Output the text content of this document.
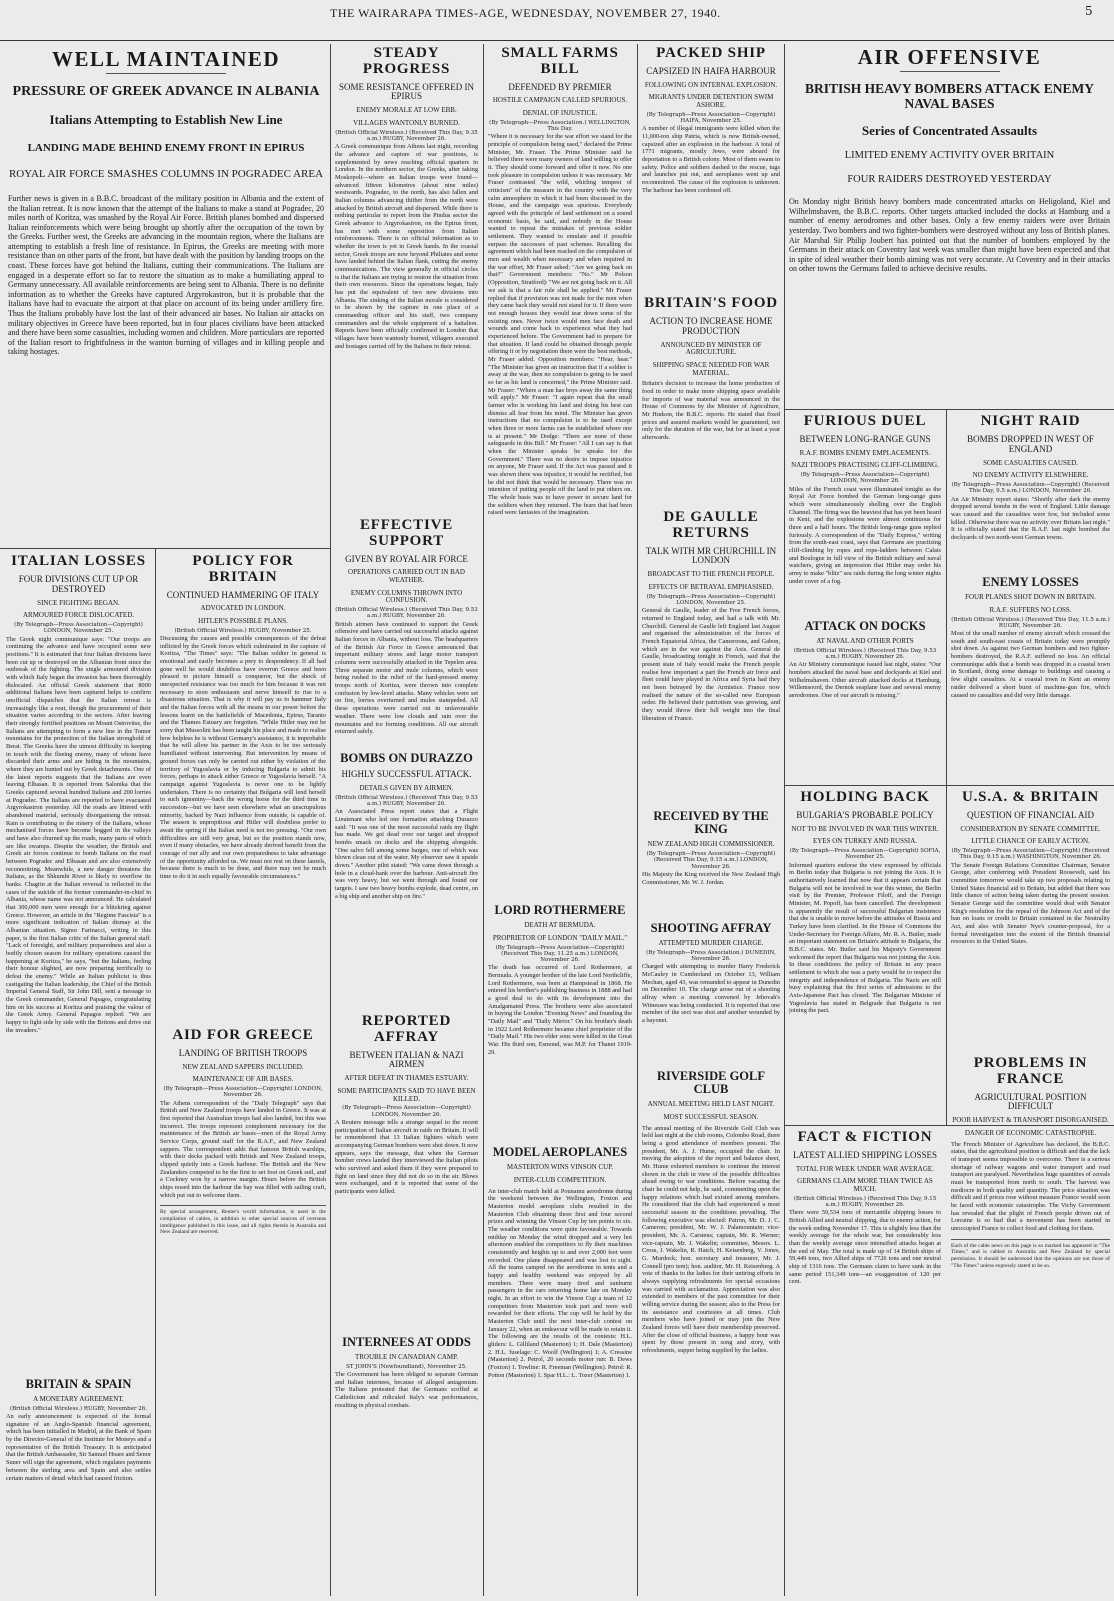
THE WAIRARAPA TIMES-AGE, WEDNESDAY, NOVEMBER 27, 1940.	5
WELL MAINTAINED
PRESSURE OF GREEK ADVANCE IN ALBANIA
Italians Attempting to Establish New Line
LANDING MADE BEHIND ENEMY FRONT IN EPIRUS
ROYAL AIR FORCE SMASHES COLUMNS IN POGRADEC AREA
Further news is given in a B.B.C. broadcast of the military position in Albania and the extent of the Italian retreat. It is now known that the attempt of the Italians to make a stand at Pogradec, 20 miles north of Koritza, was smashed by the Royal Air Force. British planes bombed and dispersed Italian reinforcements which were being brought up shortly after the occupation of the town by the Greeks. Further west, the Greeks are advancing in the mountain region, where the Italians are attempting to establish a fresh line of resistance. In Epirus, the Greeks are meeting with more resistance than on other parts of the front, but have dealt with the position by landing troops on the coast. These forces have got behind the Italians, cutting their communications. The Italians are engaged in a desperate effort so far to restore the situation as to make a humiliating appeal to Germany unnecessary. All available reinforcements are being sent to Albania. There is no definite information as to whether the Greeks have captured Argyrokastron, but it is probable that the Italians have had to evacuate the airport at that place on account of its being under artillery fire. Thus the Italians probably have lost the last of their advanced air bases. No Italian air attacks on military objectives in Greece have been reported, but in four places civilians have been attacked and there have been some casualties, including women and children. More particulars are reported of the Italian resort to frightfulness in the wanton burning of villages and in killing people and taking hostages.
STEADY PROGRESS
SOME RESISTANCE OFFERED IN EPIRUS
ENEMY MORALE AT LOW EBB.
VILLAGES WANTONLY BURNED.
(British Official Wireless.) (Received This Day, 9.35 a.m.) RUGBY, November 26.
A Greek communique from Athens last night, recording the advance and capture of war positions, is supplemented by news reaching official quarters in London. In the northern sector, the Greeks, after taking Moskopoli—where an Italian troops were found—advanced fifteen kilometres (about nine miles) westwards. Pogradec, to the north, has also fallen and Italian columns advancing thither from the north were attacked by British aircraft and dispersed. While there is nothing particular to report from the Pindus sector the Greek advance to Argyrokastron, on the Epirus front, has met with some opposition from Italian reinforcements. There is no official information as to whether the town is yet in Greek hands. In the coastal sector, Greek troops are now beyond Philiates and some have landed behind the Italian flank, cutting the enemy communications. The view generally in official circles is that the Italians are trying to restore the situation from their own resources. Since the operations began, Italy has put the equivalent of two new divisions into Albania. The sinking of the Italian morale is considered to be shown by the capture in one place of a commanding officer and his staff, two company commanders and the whole equipment of a battalion. Reports have been officially confirmed in London that villages have been wantonly burned, villagers executed and hostages carried off by the Italians in their retreat.
EFFECTIVE SUPPORT
GIVEN BY ROYAL AIR FORCE
OPERATIONS CARRIED OUT IN BAD WEATHER.
ENEMY COLUMNS THROWN INTO CONFUSION.
(British Official Wireless.) (Received This Day, 9.53 a.m.) RUGBY, November 26.
British airmen have continued to support the Greek offensive and have carried out successful attacks against Italian forces in Albania, without loss. The headquarters of the British Air Force in Greece announced that important military stores and large motor transport columns were successfully attacked in the Tepelen area. Three separate motor and mule columns, which were being rushed to the relief of the hard-pressed enemy troops north of Koritza, were thrown into complete confusion by low-level attacks. Many vehicles were set on fire, lorries overturned and mules stampeded. All these operations were carried out in unfavourable weather. There were low clouds and rain over the mountains and ice forming conditions. All our aircraft returned safely.
BOMBS ON DURAZZO
HIGHLY SUCCESSFUL ATTACK.
DETAILS GIVEN BY AIRMEN.
(British Official Wireless.) (Received This Day, 9.53 a.m.) RUGBY, November 26.
An Associated Press report states that a Flight Lieutenant who led one formation attacking Durazzo said: "It was one of the most successful raids my flight has made. We got dead over our target and dropped bombs smack on docks and the shipping alongside. "One salvo fell among some barges, one of which was blown clean out of the water. My observer saw it upside down." Another pilot stated: "We came down through a hole in a cloud-bank over the harbour. Anti-aircraft fire was very heavy, but we went through and found our targets. I saw two heavy bombs explode, dead centre, on a big ship and another ship on fire."
REPORTED AFFRAY
BETWEEN ITALIAN & NAZI AIRMEN
AFTER DEFEAT IN THAMES ESTUARY.
SOME PARTICIPANTS SAID TO HAVE BEEN KILLED.
(By Telegraph—Press Association—Copyright) LONDON, November 26.
A Reuters message tells a strange sequel to the recent participation of Italian aircraft in raids on Britain. It will be remembered that 13 Italian fighters which were accompanying German bombers were shot down. It now appears, says the message, that when the German bomber crews landed they interviewed the Italian pilots who survived and asked them if they were prepared to fight on land since they did not do so in the air. Blows were exchanged, and it is reported that some of the participants were killed.
INTERNEES AT ODDS
TROUBLE IN CANADIAN CAMP.
ST JOHN'S (Newfoundland), November 25.
The Government has been obliged to separate German and Italian internees, because of alleged antagonism. The Italians protested that the Germans scoffed at Catholicism and ridiculed Italy's war performances, resulting in physical combats.
SMALL FARMS BILL
DEFENDED BY PREMIER
HOSTILE CAMPAIGN CALLED SPURIOUS.
DENIAL OF INJUSTICE.
(By Telegraph—Press Association.) WELLINGTON, This Day.
"Where it is necessary for the war effort we stand for the principle of compulsion being used," declared the Prime Minister, Mr. Fraser. The Prime Minister said he believed there were many owners of land willing to offer it. They should come forward and offer it now. No one took pleasure in compulsion unless it was necessary. Mr Fraser contrasted "the wild, whirling tempest of criticism" of the measure in the country with the very calm atmosphere in which it had been discussed in the House, and the campaign was spurious. Everybody agreed with the principle of land settlement on a sound economic basis, he said, and nobody in the House wanted to repeat the mistakes of previous soldier settlement. They wanted to emulate and if possible surpass the successes of past schemes. Recalling the agreement which had been reached on the compulsion of men and wealth when necessary and when required in the war effort, Mr Fraser asked: "Are we going back on that?" Government members: "No." Mr Polson (Opposition, Stratford): "We are not going back on it. All we ask is that a fair rule shall be applied." Mr Fraser replied that if provision was not made for the men when they came back they would not stand for it. If there were not enough houses they would tear down some of the existing ones. Never twice would men face death and wounds and come back to experience what they had experienced before. The Government had to prepare for that situation. If land could be obtained through people offering it or by negotiation there were the best methods, Mr Fraser added. Opposition members: "Hear, hear." "The Minister has given an instruction that if a soldier is away at the war, then no compulsion is going to be used so far as his land is concerned," the Prime Minister said. Mr Fraser: "Where a man has boys away the same thing will apply." Mr Fraser: "I again repeat that the small farmer who is working his land and doing his best can dismiss all fear from his mind. The Minister has given instructions that no compulsion is to be used except when three or more farms can be established where one is at present." Mr Dodge: "There are none of these safeguards in this Bill." Mr Fraser: "All I can say is that when the Minister speaks he speaks for the Government." There was no desire to impose injustice on anyone, Mr Fraser said. If the Act was passed and it was shown there was injustice, it would be rectified, but he did not think that would be necessary. There was no intention of putting people off the land to put others on. The whole basis was to have power to secure land for the soldiers when they returned. The fears that had been raised were fantasies of the imagination.
LORD ROTHERMERE
DEATH AT BERMUDA.
PROPRIETOR OF LONDON "DAILY MAIL."
(By Telegraph—Press Association—Copyright) (Received This Day, 11.25 a.m.) LONDON, November 26.
The death has occurred of Lord Rothermere, at Bermuda. A younger brother of the late Lord Northcliffe, Lord Rothermere, was born at Hampstead in 1868. He entered his brother's publishing business in 1888 and had a good deal to do with its development into the Amalgamated Press. The brothers were also associated in buying the London "Evening News" and founding the "Daily Mail" and "Daily Mirror." On his brother's death in 1922 Lord Rothermere became chief proprietor of the "Daily Mail." His two elder sons were killed in the Great War. His third son, Esmond, was M.P. for Thanet 1919-29.
MODEL AEROPLANES
MASTERTON WINS VINSON CUP.
INTER-CLUB COMPETITION.
An inter-club match held at Pounamu aerodrome during the weekend between the Wellington, Foxton and Masterton model aeroplane clubs resulted in the Masterton Club obtaining three first and four second prizes and winning the Vinson Cup by ten points to six. The weather conditions were quite favourable. Towards midday on Monday the wind dropped and a very hot afternoon enabled the competitors to fly their machines consistently and heights up to and over 2,000 feet were recorded. One plane disappeared and was lost to sight. All the teams camped on the aerodrome in tents and a happy and healthy weekend was enjoyed by all members. There were many tired and sunburnt passengers in the cars returning home late on Monday night. In an effort to win the Vinson Cup a team of 12 competitors from Masterton took part and were well rewarded for their efforts. The cup will be held by the Masterton Club until the next inter-club contest on January 22, when an endeavour will be made to retain it. The following are the results of the contests: H.L. gliders: L. Gilliland (Masterton) 1; H. Dale (Masterton) 2. H.L. fuselage: C. Woolf (Wellington) 1; A. Cressine (Masterton) 2. Petrol, 20 seconds motor run: B. Dews (Foxton) 1. Towline: R. Freeman (Wellington). Petrol: R. Potton (Masterton) 1. Spar H.L.: L. Tozer (Masterton) 1.
PACKED SHIP
CAPSIZED IN HAIFA HARBOUR
FOLLOWING ON INTERNAL EXPLOSION.
MIGRANTS UNDER DETENTION SWIM ASHORE.
(By Telegraph—Press Association—Copyright) HAIFA, November 25.
A number of illegal immigrants were killed when the 11,000-ton ship Patria, which is now British-owned, capsized after an explosion in the harbour. A total of 1771 migrants, mostly Jews, were aboard for deportation to a British colony. Most of them swam to safety. Police and soldiers dashed to the rescue, tugs and launches put out, and aeroplanes went up and reconnoitred. The cause of the explosion is unknown. The harbour has been cordoned off.
BRITAIN'S FOOD
ACTION TO INCREASE HOME PRODUCTION
ANNOUNCED BY MINISTER OF AGRICULTURE.
SHIPPING SPACE NEEDED FOR WAR MATERIAL.
Britain's decision to increase the home production of food in order to make more shipping space available for imports of war material was announced in the House of Commons by the Minister of Agriculture, Mr Hudson, the B.B.C. reports. He stated that fixed prices and assured markets would be guaranteed, not only for the duration of the war, but for at least a year afterwards.
DE GAULLE RETURNS
TALK WITH MR CHURCHILL IN LONDON
BROADCAST TO THE FRENCH PEOPLE.
EFFECTS OF BETRAYAL EMPHASISED.
(By Telegraph—Press Association—Copyright) LONDON, November 25.
General de Gaulle, leader of the Free French forces, returned to England today, and had a talk with Mr. Churchill. General de Gaulle left England last August and organised the administration of the forces of French Equatorial Africa, the Cameroons, and Gabon, which are in the war against the Axis. General de Gaulle, broadcasting tonight in French, said that the present state of Italy would make the French people realise how important a part the French air force and fleet could have played in Africa and Syria had they not been betrayed by the Armistice. France now realised the nature of the so-called new European order. He believed their patriotism was growing, and they would throw their full weight into the final liberation of France.
RECEIVED BY THE KING
NEW ZEALAND HIGH COMMISSIONER.
(By Telegraph—Press Association—Copyright) (Received This Day, 9.15 a.m.) LONDON, November 26.
His Majesty the King received the New Zealand High Commissioner, Mr. W. J. Jordan.
SHOOTING AFFRAY
ATTEMPTED MURDER CHARGE.
(By Telegraph—Press Association.) DUNEDIN, November 26.
Charged with attempting to murder Harry Frederick McCauley in Cumberland on October 13, William Mechan, aged 43, was remanded to appear in Dunedin on December 10. The charge arose out of a shooting affray when a meeting convened by Jehovah's Witnesses was being conducted. It is reported that one member of the sect was shot and another wounded by a bayonet.
RIVERSIDE GOLF CLUB
ANNUAL MEETING HELD LAST NIGHT.
MOST SUCCESSFUL SEASON.
The annual meeting of the Riverside Golf Club was held last night at the club rooms, Colombo Road, there being a good attendance of members present. The president, Mr. A. J. Hume, occupied the chair. In moving the adoption of the report and balance sheet, Mr. Hume exhorted members to continue the interest shown in the club in view of the possible difficulties ahead owing to war conditions. Before vacating the chair he could not help, he said, commenting upon the happy relations which had existed among members. He considered that the club had experienced a most successful season in the conditions prevailing. The following executive was elected: Patron, Mr. D. J. C. Cameron; president, Mr. W. J. Palamountain; vice-president, Mr. A. Carstens; captain, Mr. R. Werner; vice-captain, Mr. J. Wakelin; committee, Messrs. L. Cross, J. Wakelin, R. Hatch, H. Keisenberg, V. Jones, G. Murdock; hon. secretary and treasurer, Mr. J. Connell (pro tem); hon. auditor, Mr. H. Keisenberg. A vote of thanks to the ladies for their untiring efforts in always supplying refreshments for special occasions was carried with acclamation. Appreciation was also extended to members of the past committee for their willing service during the season; also to the Press for its assistance and courtesies at all times. Club members who have joined or may join the New Zealand forces will have their membership preserved. After the close of official business, a happy hour was spent by those present in song and story, with refreshments, supper being supplied by the ladies.
ITALIAN LOSSES
FOUR DIVISIONS CUT UP OR DESTROYED
SINCE FIGHTING BEGAN.
ARMOURED FORCE DISLOCATED.
(By Telegraph—Press Association—Copyright) LONDON, November 25.
The Greek night communique says: "Our troops are continuing the advance and have occupied some new positions." It is estimated that four Italian divisions have been cut up or destroyed on the Albanian front since the outbreak of the fighting. The single armoured division with which Italy began the invasion has been thoroughly dislocated. An official Greek statement that 8000 additional Italians have been captured helps to confirm unofficial dispatches that the Italian retreat is increasingly like a rout, though the procurement of their situation varies according to the sectors. After leaving their strongly fortified positions on Mount Ostrovitse, the Italians are attempting to form a new line in the Tomor mountains for the protection of the Italian stronghold of Berat. The Greeks have the utmost difficulty in keeping in touch with the fleeing enemy, many of whom have discarded their arms and are hiding in the mountains, where they are hunted out by Greek detachments. One of the latest reports suggests that the Italians are even leaving Elbasan. It is reported from Salonika that the Greeks captured several hundred Italians and 200 lorries at Pogradec. The Italians are reported to have evacuated Argyrokastron yesterday. All the roads are littered with abandoned material, seriously disorganising the retreat. Rain is contributing to the misery of the Italians, whose mechanised forces have become bogged in the valleys and have also churned up the roads, many parts of which are like swamps. Despite the weather, the British and Greek air forces continue to bomb Italians on the road between Pogradec and Elbasan and are also extensively reconnoitring. Meanwhile, a new danger threatens the Italians, as the Shkumbi River is likely to overflow its banks. Chagrin at the Italian reversal is reflected in the cases of the suicide of the former commander-in-chief in Albania, whose name was not announced. He calculated that 300,000 men were enough for a blitzkrieg against Greece. However, an article in the "Regime Fascista" is a more significant indication of Italian dismay at the Albanian situation. Signor Farinacci, writing in this paper, is the first Italian critic of the Italian general staff. "Lack of foresight, and military preparedness and also a bodily chosen season for military operations caused the happening at Koritza," he says, "but the Italians, feeling their honour slighted, are now preparing terrifically to defeat the enemy." While an Italian publicist is thus castigating the Italian leadership, the Chief of the British Imperial General Staff, Sir John Dill, sent a message to the Greek commander, General Papagos, congratulating him on his success at Koritza and praising the valour of the Greek Army. General Papagos replied: "We are happy to fight side by side with the Britons and drive out the invaders."
BRITAIN & SPAIN
A MONETARY AGREEMENT.
(British Official Wireless.) RUGBY, November 26.
An early announcement is expected of the formal signature of an Anglo-Spanish financial agreement, which has been initialled in Madrid, at the Bank of Spain by the Director-General of the Institute for Moneys and a representative of the British Treasury. It is anticipated that the British Ambassador, Sir Samuel Hoare and Senor Suner will sign the agreement, which regulates payments between the sterling area and Spain and also settles certain matters of detail which had caused friction.
POLICY FOR BRITAIN
CONTINUED HAMMERING OF ITALY
ADVOCATED IN LONDON.
HITLER'S POSSIBLE PLANS.
(British Official Wireless.) RUGBY, November 25.
Discussing the causes and possible consequences of the defeat inflicted by the Greek forces which culminated in the capture of Koritza, "The Times" says: "The Italian soldier in general is emotional and easily becomes a prey to despondency. If all had gone well he would doubtless have overrun Greece and been pleased to picture himself a conqueror, but the shock of unexpected resistance was too much for him because it was not necessary to store enthusiasm and nerve himself to rise to a disastrous situation. That is why it will pay us to hammer Italy and the Italian forces with all the means in our power before the lessons learnt on the battlefields of Macedonia, Epirus, Taranto and the Thames Estuary are forgotten. "While Hitler may not be sorry that Mussolini has been taught his place and made to realise how helpless he is without Germany's assistance, it is improbable that he will allow his partner in the Axis to be too seriously humiliated without intervening. But intervention by means of ground forces can only be carried out either by violation of the territory of Yugoslavia or by inducing Bulgaria to admit his forces, perhaps to attack either Greece or Yugoslavia herself. "A campaign against Yugoslavia is never one to be lightly undertaken. There is no certainty that Bulgaria will lend herself to such ignominy—back the wrong horse for the third time in succession—but we have seen elsewhere what an unscrupulous minority, backed by Nazi influence from outside, is capable of. The season is unpropitious and Hitler will doubtless prefer to await the spring if the Italian need is not too pressing. "Our own difficulties are still very great, but so the position stands now, even if many obstacles, we have already derived benefit from the courage of our ally and our own preparedness to take advantage of the opportunity afforded us. We must not rest on these laurels, because there is much to be done, and there may not be much time to do it in such equally favourable circumstances."
AID FOR GREECE
LANDING OF BRITISH TROOPS
NEW ZEALAND SAPPERS INCLUDED.
MAINTENANCE OF AIR BASES.
(By Telegraph—Press Association—Copyright) LONDON, November 26.
The Athens correspondent of the "Daily Telegraph" says that British and New Zealand troops have landed in Greece. It was at first reported that Australian troops had also landed, but this was incorrect. The troops represent complement necessary for the maintenance of the British air bases—men of the Royal Army Service Corps, ground staff for the R.A.F., and New Zealand sappers. The correspondent adds that famous British warships, with their decks packed with British and New Zealand troops, slipped quietly into a Greek harbour. The British and the New Zealanders competed to be the first to set foot on Greek soil, and a Cockney won by a narrow margin. Hours before the British ships nosed into the harbour the bay was filled with sailing craft, which put out to welcome them.
By special arrangement, Reuter's world information, is used in the compilation of cables, in addition to other special sources of overseas intelligence published in this issue, and all rights therein in Australia and New Zealand are reserved.
AIR OFFENSIVE
BRITISH HEAVY BOMBERS ATTACK ENEMY NAVAL BASES
Series of Concentrated Assaults
LIMITED ENEMY ACTIVITY OVER BRITAIN
FOUR RAIDERS DESTROYED YESTERDAY
On Monday night British heavy bombers made concentrated attacks on Heligoland, Kiel and Wilhelmshaven, the B.B.C. reports. Other targets attacked included the docks at Hamburg and a number of enemy aerodromes and other bases. Only a few enemy raiders were over Britain yesterday. Two bombers and two fighter-bombers were destroyed without any loss of British planes. Air Marshal Sir Philip Joubert has pointed out that the number of bombers employed by the Germans in their attack on Coventry last week was smaller than might have been expected and that in spite of ideal weather their bomb aiming was not very accurate. At Coventry and in their attacks on other towns the Germans failed to achieve decisive results.
FURIOUS DUEL
BETWEEN LONG-RANGE GUNS
R.A.F. BOMBS ENEMY EMPLACEMENTS.
NAZI TROOPS PRACTISING CLIFF-CLIMBING.
(By Telegraph—Press Association—Copyright) LONDON, November 26.
Miles of the French coast were illuminated tonight as the Royal Air Force bombed the German long-range guns which were simultaneously shelling over the English Channel. The firing was the heaviest that has yet been heard in Kent, and the explosions were almost continuous for three and a half hours. The British long-range guns replied furiously. A correspondent of the "Daily Express," writing from the south-east coast, says that Germans are practising cliff-climbing by ropes and rope-ladders between Calais and Boulogne in full view of the British military and naval watchers, giving an impression that Hitler may order his army to make "blitz" sea raids during the long winter nights under cover of a fog.
ATTACK ON DOCKS
AT NAVAL AND OTHER PORTS
(British Official Wireless.) (Received This Day, 9.53 a.m.) RUGBY, November 26.
An Air Ministry communique issued last night, states: "Our bombers attacked the naval base and dockyards at Kiel and Wilhelmshaven. Other aircraft attacked docks at Hamburg, Willemsoord, the Dernok seaplane base and several enemy aerodromes. One of our aircraft is missing."
NIGHT RAID
BOMBS DROPPED IN WEST OF ENGLAND
SOME CASUALTIES CAUSED.
NO ENEMY ACTIVITY ELSEWHERE.
(By Telegraph—Press Association—Copyright) (Received This Day, 9.5 a.m.) LONDON, November 26.
An Air Ministry report states: "Shortly after dark the enemy dropped several bombs in the west of England. Little damage was caused and the casualties were few, but included some killed. Otherwise there was no activity over Britain last night." It is officially stated that the R.A.F. last night bombed the dockyards of two north-west German towns.
ENEMY LOSSES
FOUR PLANES SHOT DOWN IN BRITAIN.
R.A.F. SUFFERS NO LOSS.
(British Official Wireless.) (Received This Day, 11.5 a.m.) RUGBY, November 26.
Most of the small number of enemy aircraft which crossed the south and south-east coasts of Britain today were promptly shot down. As against two German bombers and two fighter-bombers destroyed, the R.A.F. suffered no loss. An official communique adds that a bomb was dropped in a coastal town in Scotland, doing some damage to buildings and causing a few slight casualties. At a coastal town in Kent an enemy raider delivered a short burst of machine-gun fire, which caused no casualties and did very little damage.
HOLDING BACK
BULGARIA'S PROBABLE POLICY
NOT TO BE INVOLVED IN WAR THIS WINTER.
EYES ON TURKEY AND RUSSIA.
(By Telegraph—Press Association—Copyright) SOFIA, November 25.
Informed quarters endorse the view expressed by officials in Berlin today that Bulgaria is not joining the Axis. It is authoritatively learned that now that it appears certain that Bulgaria will not be involved in war this winter, the Berlin visit by the Premier, Professor Filoff, and the Foreign Minister, M. Popoff, has been cancelled. The development is apparently the result of successful Bulgarian insistence that she is unable to move before the attitudes of Russia and Turkey have been clarified. In the House of Commons the Under-Secretary for Foreign Affairs, Mr. R. A. Butler, made an important statement on Britain's attitude to Bulgaria, the B.B.C. states. Mr. Butler said his Majesty's Government welcomed the report that Bulgaria was not joining the Axis. In these conditions the policy of Britain in any peace settlement to which she was a party would be to respect the integrity and independence of Bulgaria. The Nazis are still busy explaining that the first series of admissions to the Axis-Japanese Pact has closed. The Bulgarian Minister of Yugoslavia has stated in Belgrade that Bulgaria is not joining the pact.
U.S.A. & BRITAIN
QUESTION OF FINANCIAL AID
CONSIDERATION BY SENATE COMMITTEE.
LITTLE CHANCE OF EARLY ACTION.
(By Telegraph—Press Association—Copyright) (Received This Day, 9.15 a.m.) WASHINGTON, November 26.
The Senate Foreign Relations Committee Chairman, Senator George, after conferring with President Roosevelt, said his committee tomorrow would take up two proposals relating to United States financial aid to Britain, but added that there was little chance of action being taken during the present session. Senator George said the committee would deal with Senator King's resolution for the repeal of the Johnson Act and of the ban on loans or credit to Britain contained in the Neutrality Act, and also with Senator Nye's counter-proposal, for a formal investigation into the extent of the British financial resources in the United States.
FACT & FICTION
LATEST ALLIED SHIPPING LOSSES
TOTAL FOR WEEK UNDER WAR AVERAGE.
GERMANS CLAIM MORE THAN TWICE AS MUCH.
(British Official Wireless.) (Received This Day, 9.15 a.m.) RUGBY, November 26.
There were 59,534 tons of mercantile shipping losses to British Allied and neutral shipping, due to enemy action, for the week ending November 17. This is slightly less than the weekly average for the whole war, but considerably less than the weekly average since intensified attacks began at the end of May. The total is made up of 14 British ships of 59,449 tons, two Allied ships of 7726 tons and one neutral ship of 1316 tons. The Germans claim to have sunk in the same period 151,349 tons—an exaggeration of 120 per cent.
PROBLEMS IN FRANCE
AGRICULTURAL POSITION DIFFICULT
POOR HARVEST & TRANSPORT DISORGANISED.
DANGER OF ECONOMIC CATASTROPHE.
The French Minister of Agriculture has declared, the B.B.C. states, that the agricultural position is difficult and that the lack of transport seems impossible to overcome. There is a serious shortage of railway wagons and water transport and road transport are paralysed. Nevertheless huge quantities of cereals must be transported from north to south. The harvest was mediocre in both quality and quantity. The price situation was difficult and if prices rose without measure France would soon be faced with economic catastrophe. The Vichy Government has revealed that the plight of French people driven out of Lorraine is so bad that a movement has been started in unoccupied France to collect food and clothing for them.
Each of the cable news on this page is so marked has appeared in "The Times," and is cabled to Australia and New Zealand by special permission. It should be understood that the opinions are not those of "The Times" unless expressly stated to be so.
